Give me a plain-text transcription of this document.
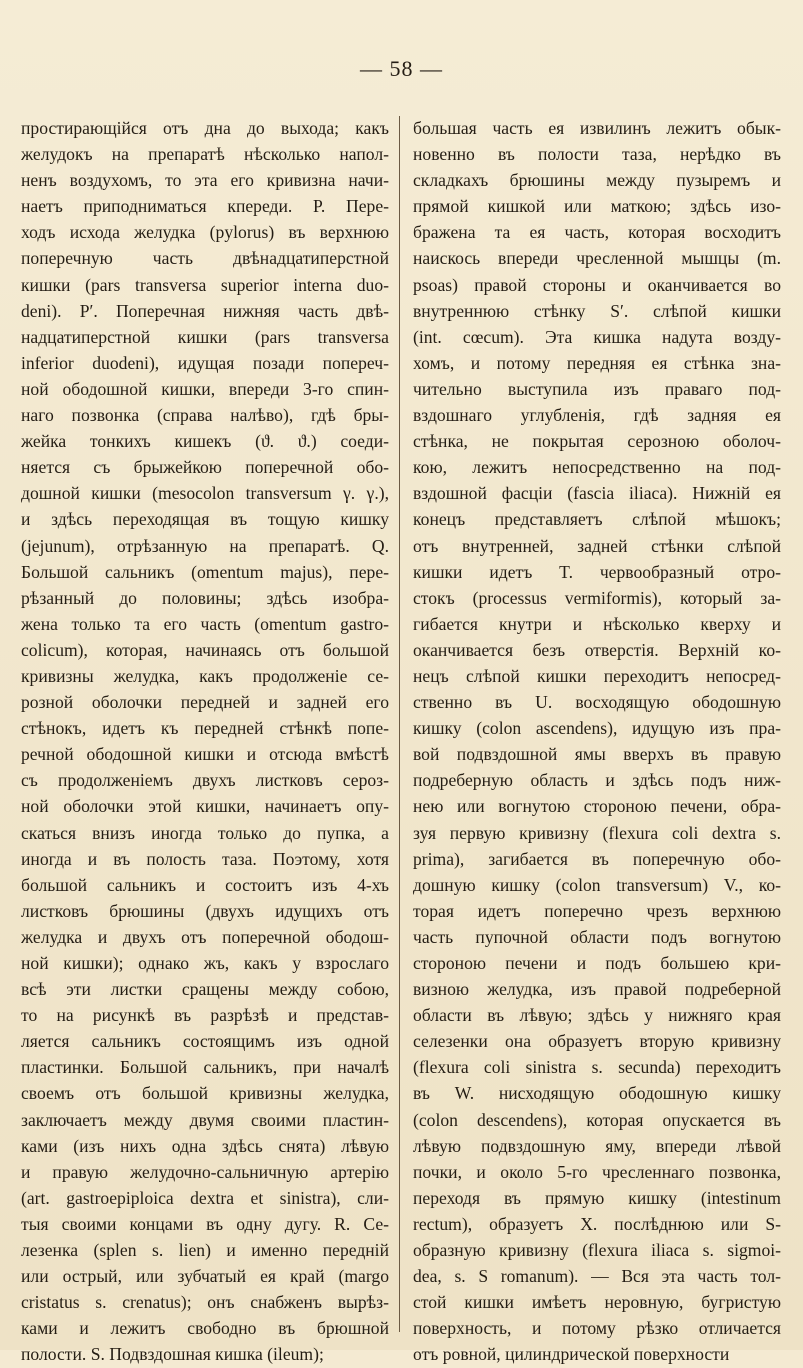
— 58 —
простирающійся отъ дна до выхода; какъ
желудокъ на препаратѣ нѣсколько напол-
ненъ воздухомъ, то эта его кривизна начи-
наетъ приподниматься кпереди. P. Пере-
ходъ исхода желудка (pylorus) въ верхнюю
поперечную часть двѣнадцатиперстной
кишки (pars transversa superior interna duo-
deni). P′. Поперечная нижняя часть двѣ-
надцатиперстной кишки (pars transversa
inferior duodeni), идущая позади попереч-
ной ободошной кишки, впереди 3-го спин-
наго позвонка (справа налѣво), гдѣ бры-
жейка тонкихъ кишекъ (ϑ. ϑ.) соеди-
няется съ брыжейкою поперечной обо-
дошной кишки (mesocolon transversum γ. γ.),
и здѣсь переходящая въ тощую кишку
(jejunum), отрѣзанную на препаратѣ. Q.
Большой сальникъ (omentum majus), пере-
рѣзанный до половины; здѣсь изобра-
жена только та его часть (omentum gastro-
colicum), которая, начинаясь отъ большой
кривизны желудка, какъ продолженіе се-
розной оболочки передней и задней его
стѣнокъ, идетъ къ передней стѣнкѣ попе-
речной ободошной кишки и отсюда вмѣстѣ
съ продолженіемъ двухъ листковъ сероз-
ной оболочки этой кишки, начинаетъ опу-
скаться внизъ иногда только до пупка, а
иногда и въ полость таза. Поэтому, хотя
большой сальникъ и состоитъ изъ 4-хъ
листковъ брюшины (двухъ идущихъ отъ
желудка и двухъ отъ поперечной ободош-
ной кишки); однако жъ, какъ у взрослаго
всѣ эти листки сращены между собою,
то на рисункѣ въ разрѣзѣ и представ-
ляется сальникъ состоящимъ изъ одной
пластинки. Большой сальникъ, при началѣ
своемъ отъ большой кривизны желудка,
заключаетъ между двумя своими пластин-
ками (изъ нихъ одна здѣсь снята) лѣвую
и правую желудочно-сальничную артерію
(art. gastroepiploica dextra et sinistra), сли-
тыя своими концами въ одну дугу. R. Се-
лезенка (splen s. lien) и именно передній
или острый, или зубчатый ея край (margo
cristatus s. crenatus); онъ снабженъ вырѣз-
ками и лежитъ свободно въ брюшной
полости. S. Подвздошная кишка (ileum);
большая часть ея извилинъ лежитъ обык-
новенно въ полости таза, нерѣдко въ
складкахъ брюшины между пузыремъ и
прямой кишкой или маткою; здѣсь изо-
бражена та ея часть, которая восходитъ
наискось впереди чресленной мышцы (m.
psoas) правой стороны и оканчивается во
внутреннюю стѣнку S′. слѣпой кишки
(int. cœcum). Эта кишка надута возду-
хомъ, и потому передняя ея стѣнка зна-
чительно выступила изъ праваго под-
вздошнаго углубленія, гдѣ задняя ея
стѣнка, не покрытая серозною оболоч-
кою, лежитъ непосредственно на под-
вздошной фасціи (fascia iliaca). Нижній ея
конецъ представляетъ слѣпой мѣшокъ;
отъ внутренней, задней стѣнки слѣпой
кишки идетъ T. червообразный отро-
стокъ (processus vermiformis), который за-
гибается кнутри и нѣсколько кверху и
оканчивается безъ отверстія. Верхній ко-
нецъ слѣпой кишки переходитъ непосред-
ственно въ U. восходящую ободошную
кишку (colon ascendens), идущую изъ пра-
вой подвздошной ямы вверхъ въ правую
подреберную область и здѣсь подъ ниж-
нею или вогнутою стороною печени, обра-
зуя первую кривизну (flexura coli dextra s.
prima), загибается въ поперечную обо-
дошную кишку (colon transversum) V., ко-
торая идетъ поперечно чрезъ верхнюю
часть пупочной области подъ вогнутою
стороною печени и подъ большею кри-
визною желудка, изъ правой подреберной
области въ лѣвую; здѣсь у нижняго края
селезенки она образуетъ вторую кривизну
(flexura coli sinistra s. secunda) переходитъ
въ W. нисходящую ободошную кишку
(colon descendens), которая опускается въ
лѣвую подвздошную яму, впереди лѣвой
почки, и около 5-го чресленнаго позвонка,
переходя въ прямую кишку (intestinum
rectum), образуетъ X. послѣднюю или S-
образную кривизну (flexura iliaca s. sigmoi-
dea, s. S romanum). — Вся эта часть тол-
стой кишки имѣетъ неровную, бугристую
поверхность, и потому рѣзко отличается
отъ ровной, цилиндрической поверхности
